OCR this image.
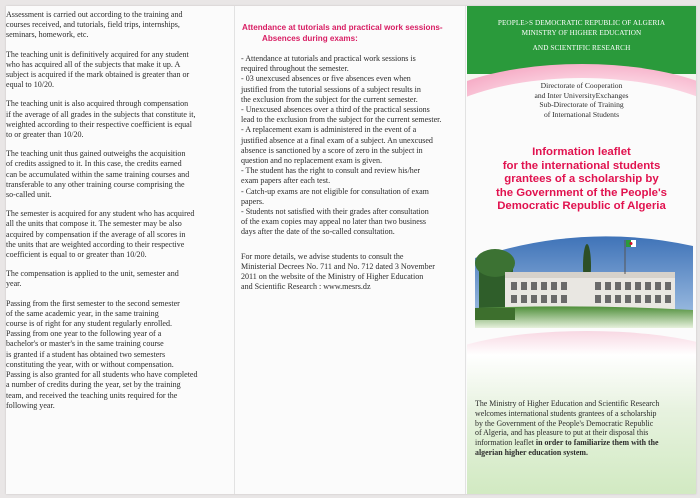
Assessment is carried out according to the training and
courses received, and tutorials, field trips, internships,
seminars, homework, etc.

The teaching unit is definitively acquired for any student
who has acquired all of the subjects that make it up. A
subject is acquired if the mark obtained is greater than or
equal to 10/20.

The teaching unit is also acquired through compensation
if the average of all grades in the subjects that constitute it,
weighted according to their respective coefficient is equal
to or greater than 10/20.

The teaching unit thus gained outweighs the acquisition
of credits assigned to it. In this case, the credits earned
can be accumulated within the same training courses and
transferable to any other training course comprising the
so-called unit.

The semester is acquired for any student who has acquired
all the units that compose it. The semester may be also
acquired by compensation if the average of all scores in
the units that are weighted according to their respective
coefficient is equal to or greater than 10/20.

The compensation is applied to the unit, semester and
year.

Passing from the first semester to the second semester
of the same academic year, in the same training
course is of right for any student regularly enrolled.
Passing from one year to the following year of a
bachelor's or master's in the same training course
is granted if a student has obtained two semesters
constituting the year, with or without compensation.
Passing is also granted for all students who have completed
a number of credits during the year, set by the training
team, and received the teaching units required for the
following year.

Attendance at tutorials and practical work sessions-
Absences during exams:

- Attendance at tutorials and practical work sessions is
required throughout the semester.

- 03 unexcused absences or five absences even when
justified from the tutorial sessions of a subject results in
the exclusion from the subject for the current semester.

- Unexcused absences over a third of the practical sessions
lead to the exclusion from the subject for the current semester.

- A replacement exam is administered in the event of a
justified absence at a final exam of a subject. An unexcused
absence is sanctioned by a score of zero in the subject in
question and no replacement exam is given.

- The student has the right to consult and review his/her
exam papers after each test.

- Catch-up exams are not eligible for consultation of exam
papers.

- Students not satisfied with their grades after consultation
of the exam copies may appeal no later than two business
days after the date of the so-called consultation.

For more details, we advise students to consult the
Ministerial Decrees No. 711 and No. 712 dated 3 November
2011 on the website of the Ministry of Higher Education
and Scientific Research : www.mesrs.dz

PEOPLE>S DEMOCRATIC REPUBLIC OF ALGERIA
MINISTRY OF HIGHER EDUCATION
AND SCIENTIFIC RESEARCH
Directorate of Cooperation
and Inter UniversityExchanges
Sub-Directorate of Training
of International Students
Information leaflet
for the international students
grantees of a scholarship by
the Government of the People's
Democratic Republic of Algeria
The Ministry of Higher Education and Scientific Research
welcomes international students grantees of a scholarship
by the Government of the People's Democratic Republic
of Algeria, and has pleasure to put at their disposal this
information leaflet in order to familiarize them with the
algerian higher education system.
